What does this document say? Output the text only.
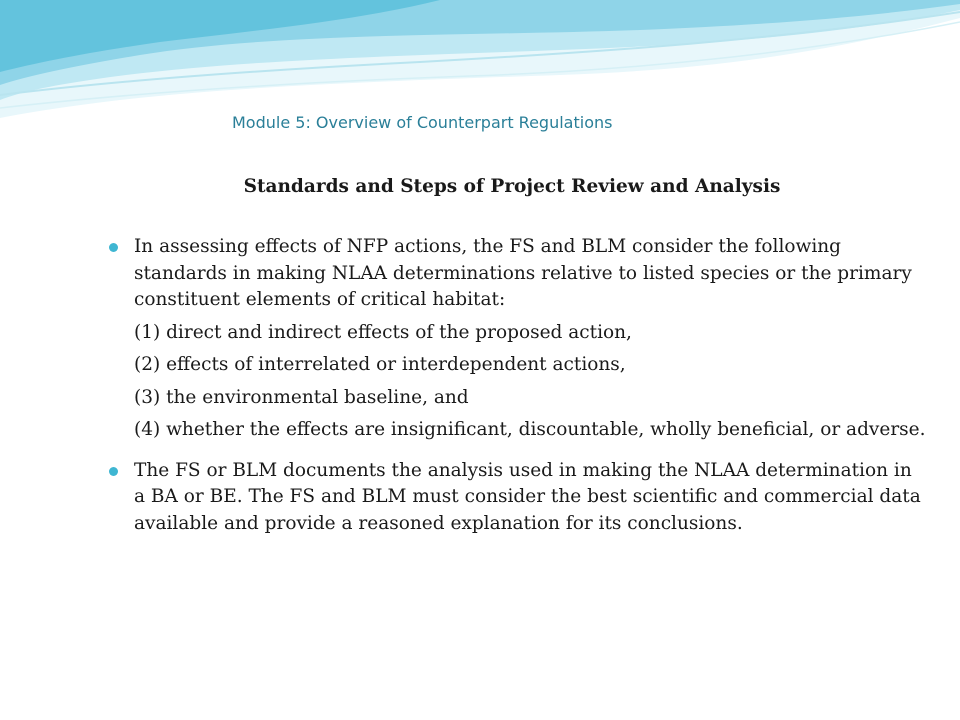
Module 5: Overview of Counterpart Regulations
Standards and Steps of Project Review and Analysis

In assessing effects of NFP actions, the FS and BLM consider the following standards in making NLAA determinations relative to listed species or the primary constituent elements of critical habitat:

(1) direct and indirect effects of the proposed action,

(2) effects of interrelated or interdependent actions,

(3) the environmental baseline, and

(4) whether the effects are insignificant, discountable, wholly beneficial, or adverse.

The FS or BLM documents the analysis used in making the NLAA determination in a BA or BE. The FS and BLM must consider the best scientific and commercial data available and provide a reasoned explanation for its conclusions.
